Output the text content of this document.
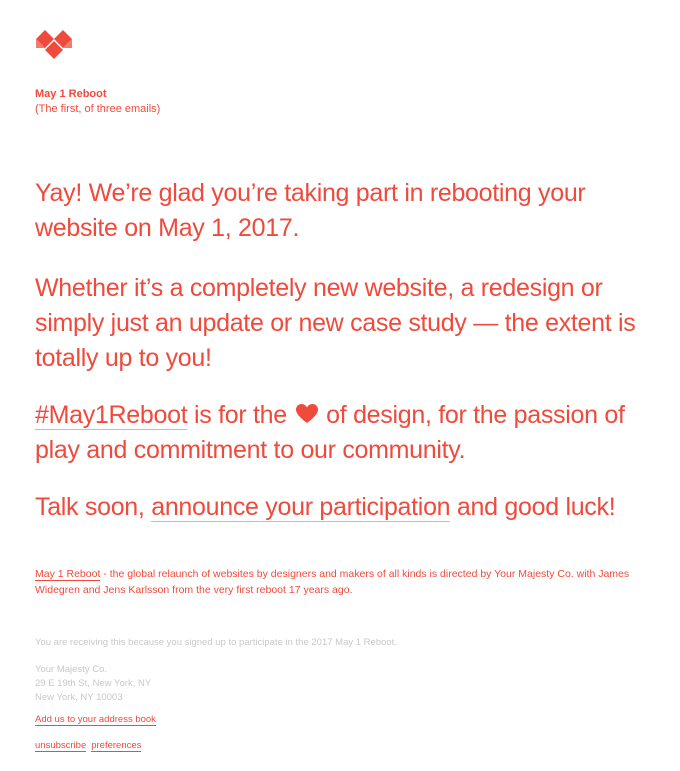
May 1 Reboot
(The first, of three emails)
Yay! We’re glad you’re taking part in rebooting your website on May 1, 2017.
Whether it’s a completely new website, a redesign or simply just an update or new case study — the extent is totally up to you!
#May1Reboot is for the  of design, for the passion of play and commitment to our community.
Talk soon, announce your participation and good luck!
May 1 Reboot - the global relaunch of websites by designers and makers of all kinds is directed by Your Majesty Co. with James Widegren and Jens Karlsson from the very first reboot 17 years ago.
You are receiving this because you signed up to participate in the 2017 May 1 Reboot.
Your Majesty Co.
29 E 19th St, New York, NY
New York, NY 10003
Add us to your address book
unsubscribe preferences
